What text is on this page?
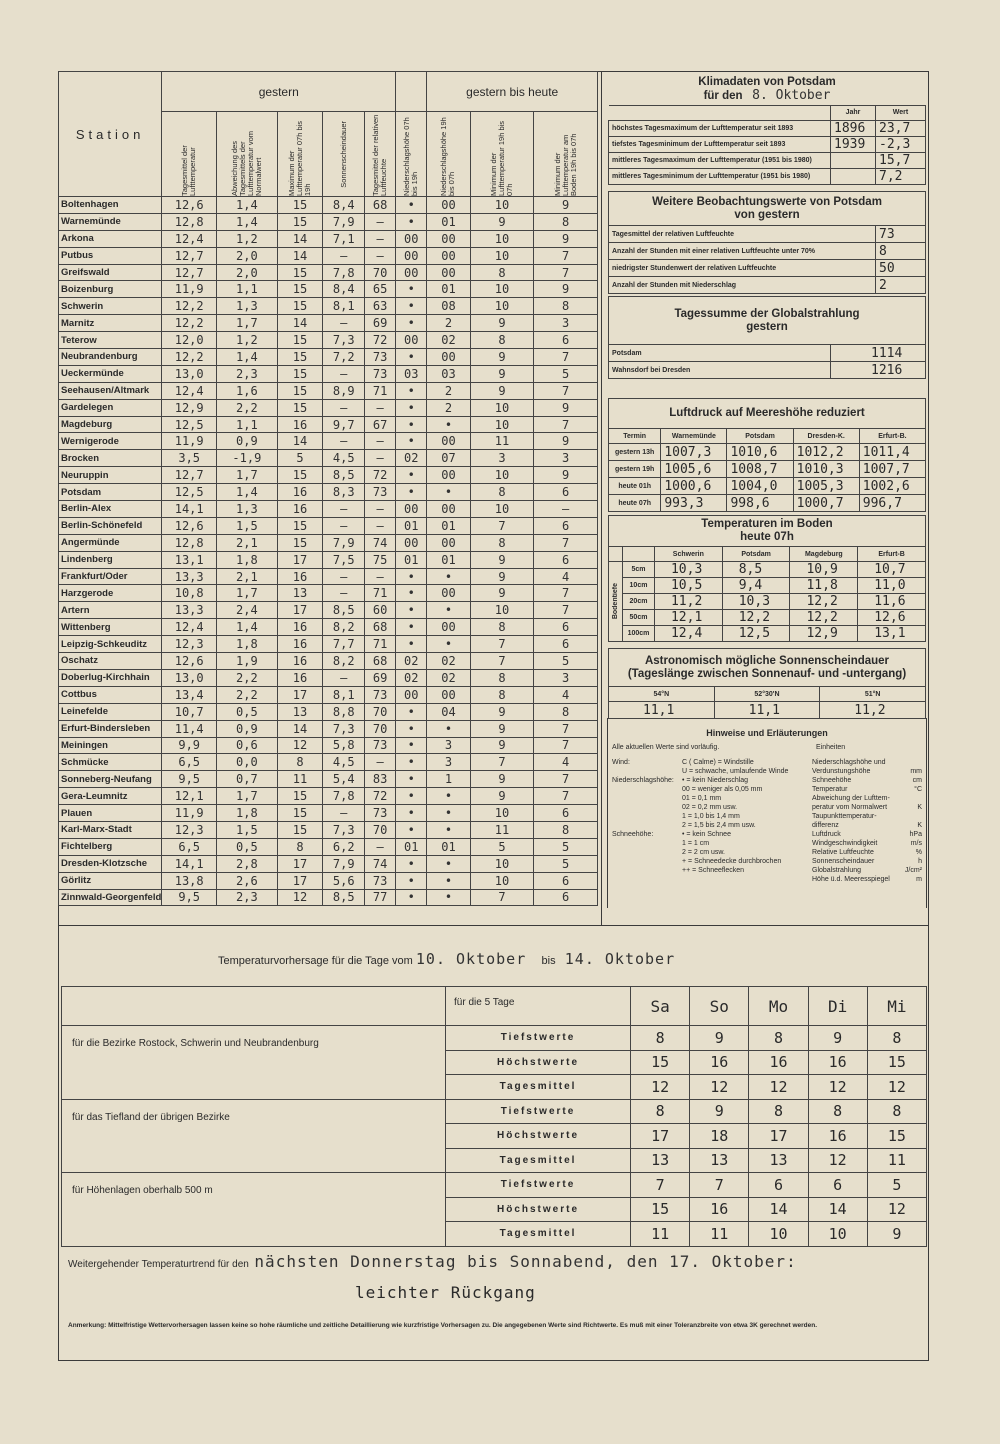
Station	gestern						gestern bis heute		

	Tagesmittel der Lufttemperatur	Abweichung des Tagesmittels der Lufttemperatur vom Normalwert	Maximum der Lufttemperatur 07h bis 19h	Sonnenscheindauer	Tagesmittel der relativen Luftfeuchte	Niederschlagshöhe 07h bis 19h	Niederschlagshöhe 19h bis 07h	Minimum der Lufttemperatur 19h bis 07h	Minimum der Lufttemperatur am Boden 19h bis 07h

Boltenhagen	12,6	1,4	15	8,4	68	•	00	10	9
Warnemünde	12,8	1,4	15	7,9	—	•	01	9	8
Arkona	12,4	1,2	14	7,1	—	00	00	10	9
Putbus	12,7	2,0	14	—	—	00	00	10	7
Greifswald	12,7	2,0	15	7,8	70	00	00	8	7
Boizenburg	11,9	1,1	15	8,4	65	•	01	10	9
Schwerin	12,2	1,3	15	8,1	63	•	08	10	8
Marnitz	12,2	1,7	14	—	69	•	2	9	3
Teterow	12,0	1,2	15	7,3	72	00	02	8	6
Neubrandenburg	12,2	1,4	15	7,2	73	•	00	9	7
Ueckermünde	13,0	2,3	15	—	73	03	03	9	5
Seehausen/Altmark	12,4	1,6	15	8,9	71	•	2	9	7
Gardelegen	12,9	2,2	15	—	—	•	2	10	9
Magdeburg	12,5	1,1	16	9,7	67	•	•	10	7
Wernigerode	11,9	0,9	14	—	—	•	00	11	9
Brocken	3,5	-1,9	5	4,5	—	02	07	3	3
Neuruppin	12,7	1,7	15	8,5	72	•	00	10	9
Potsdam	12,5	1,4	16	8,3	73	•	•	8	6
Berlin-Alex	14,1	1,3	16	—	—	00	00	10	—
Berlin-Schönefeld	12,6	1,5	15	—	—	01	01	7	6
Angermünde	12,8	2,1	15	7,9	74	00	00	8	7
Lindenberg	13,1	1,8	17	7,5	75	01	01	9	6
Frankfurt/Oder	13,3	2,1	16	—	—	•	•	9	4
Harzgerode	10,8	1,7	13	—	71	•	00	9	7
Artern	13,3	2,4	17	8,5	60	•	•	10	7
Wittenberg	12,4	1,4	16	8,2	68	•	00	8	6
Leipzig-Schkeuditz	12,3	1,8	16	7,7	71	•	•	7	6
Oschatz	12,6	1,9	16	8,2	68	02	02	7	5
Doberlug-Kirchhain	13,0	2,2	16	—	69	02	02	8	3
Cottbus	13,4	2,2	17	8,1	73	00	00	8	4
Leinefelde	10,7	0,5	13	8,8	70	•	04	9	8
Erfurt-Bindersleben	11,4	0,9	14	7,3	70	•	•	9	7
Meiningen	9,9	0,6	12	5,8	73	•	3	9	7
Schmücke	6,5	0,0	8	4,5	—	•	3	7	4
Sonneberg-Neufang	9,5	0,7	11	5,4	83	•	1	9	7
Gera-Leumnitz	12,1	1,7	15	7,8	72	•	•	9	7
Plauen	11,9	1,8	15	—	73	•	•	10	6
Karl-Marx-Stadt	12,3	1,5	15	7,3	70	•	•	11	8
Fichtelberg	6,5	0,5	8	6,2	—	01	01	5	5
Dresden-Klotzsche	14,1	2,8	17	7,9	74	•	•	10	5
Görlitz	13,8	2,6	17	5,6	73	•	•	10	6
Zinnwald-Georgenfeld	9,5	2,3	12	8,5	77	•	•	7	6
Klimadaten von Potsdam
für den 8. Oktober		

	Jahr	Wert
höchstes Tagesmaximum der Lufttemperatur seit 1893	1896	23,7
tiefstes Tagesminimum der Lufttemperatur seit 1893	1939	-2,3
mittleres Tagesmaximum der Lufttemperatur (1951 bis 1980)		15,7
mittleres Tagesminimum der Lufttemperatur (1951 bis 1980)		7,2
Weitere Beobachtungswerte von Potsdam
von gestern	

Tagesmittel der relativen Luftfeuchte	73
Anzahl der Stunden mit einer relativen Luftfeuchte unter 70%	8
niedrigster Stundenwert der relativen Luftfeuchte	50
Anzahl der Stunden mit Niederschlag	2
Tagessumme der Globalstrahlung
gestern	

Potsdam	1114
Wahnsdorf bei Dresden	1216
Luftdruck auf Meereshöhe reduziert				

Termin	Warnemünde	Potsdam	Dresden-K.	Erfurt-B.
gestern 13h	1007,3	1010,6	1012,2	1011,4
gestern 19h	1005,6	1008,7	1010,3	1007,7
heute 01h	1000,6	1004,0	1005,3	1002,6
heute 07h	993,3	998,6	1000,7	996,7
Temperaturen im Boden
heute 07h					

		Schwerin	Potsdam	Magdeburg	Erfurt-B

Bodentiefe	5cm	10,3	8,5	10,9	10,7
	10cm	10,5	9,4	11,8	11,0
	20cm	11,2	10,3	12,2	11,6
	50cm	12,1	12,2	12,2	12,6
	100cm	12,4	12,5	12,9	13,1
Astronomisch mögliche Sonnenscheindauer
(Tageslänge zwischen Sonnenauf- und -untergang)		

54°N	52°30'N	51°N
11,1	11,1	11,2
Hinweise und Erläuterungen
Alle aktuellen Werte sind vorläufig.	Einheiten
Wind:	C ( Calme) = Windstille
U = schwache, umlaufende Winde
Niederschlagshöhe:	• = kein Niederschlag
00 = weniger als 0,05 mm
01 = 0,1 mm
02 = 0,2 mm usw.
1 = 1,0 bis 1,4 mm
2 = 1,5 bis 2,4 mm usw.
Schneehöhe:	• = kein Schnee
1 = 1 cm
2 = 2 cm usw.
+ = Schneedecke durchbrochen
++ = Schneeflecken
Niederschlagshöhe und
Verdunstungshöhe	mm
Schneehöhe	cm
Temperatur	°C
Abweichung der Lufttem-
peratur vom Normalwert	K
Taupunkttemperatur-
differenz	K
Luftdruck	hPa
Windgeschwindigkeit	m/s
Relative Luftfeuchte	%
Sonnenscheindauer	h
Globalstrahlung	J/cm²
Höhe ü.d. Meeresspiegel	m
Temperaturvorhersage für die Tage vom 10. Oktober bis 14. Oktober
	für die 5 Tage	Sa	So	Mo	Di	Mi
für die Bezirke Rostock, Schwerin und Neubrandenburg	Tiefstwerte	8	9	8	9	8
	Höchstwerte	15	16	16	16	15
	Tagesmittel	12	12	12	12	12
für das Tiefland der übrigen Bezirke	Tiefstwerte	8	9	8	8	8
	Höchstwerte	17	18	17	16	15
	Tagesmittel	13	13	13	12	11
für Höhenlagen oberhalb 500 m	Tiefstwerte	7	7	6	6	5
	Höchstwerte	15	16	14	14	12
	Tagesmittel	11	11	10	10	9
Weitergehender Temperaturtrend für den nächsten Donnerstag bis Sonnabend, den 17. Oktober:
leichter Rückgang
Anmerkung: Mittelfristige Wettervorhersagen lassen keine so hohe räumliche und zeitliche Detaillierung wie kurzfristige Vorhersagen zu. Die angegebenen Werte sind Richtwerte. Es muß mit einer Toleranzbreite von etwa 3K gerechnet werden.
